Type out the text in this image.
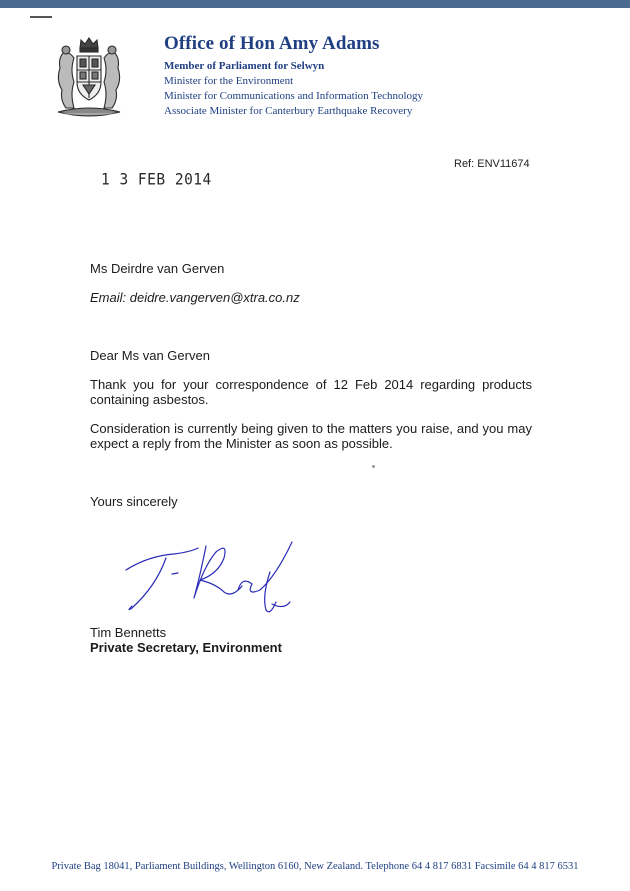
Office of Hon Amy Adams
Member of Parliament for Selwyn
Minister for the Environment
Minister for Communications and Information Technology
Associate Minister for Canterbury Earthquake Recovery
Ref: ENV11674
1 3 FEB 2014
Ms Deirdre van Gerven
Email: deidre.vangerven@xtra.co.nz
Dear Ms van Gerven
Thank you for your correspondence of 12 Feb 2014 regarding products containing asbestos.
Consideration is currently being given to the matters you raise, and you may expect a reply from the Minister as soon as possible.
Yours sincerely
Tim Bennetts
Private Secretary, Environment
Private Bag 18041, Parliament Buildings, Wellington 6160, New Zealand. Telephone 64 4 817 6831 Facsimile 64 4 817 6531
